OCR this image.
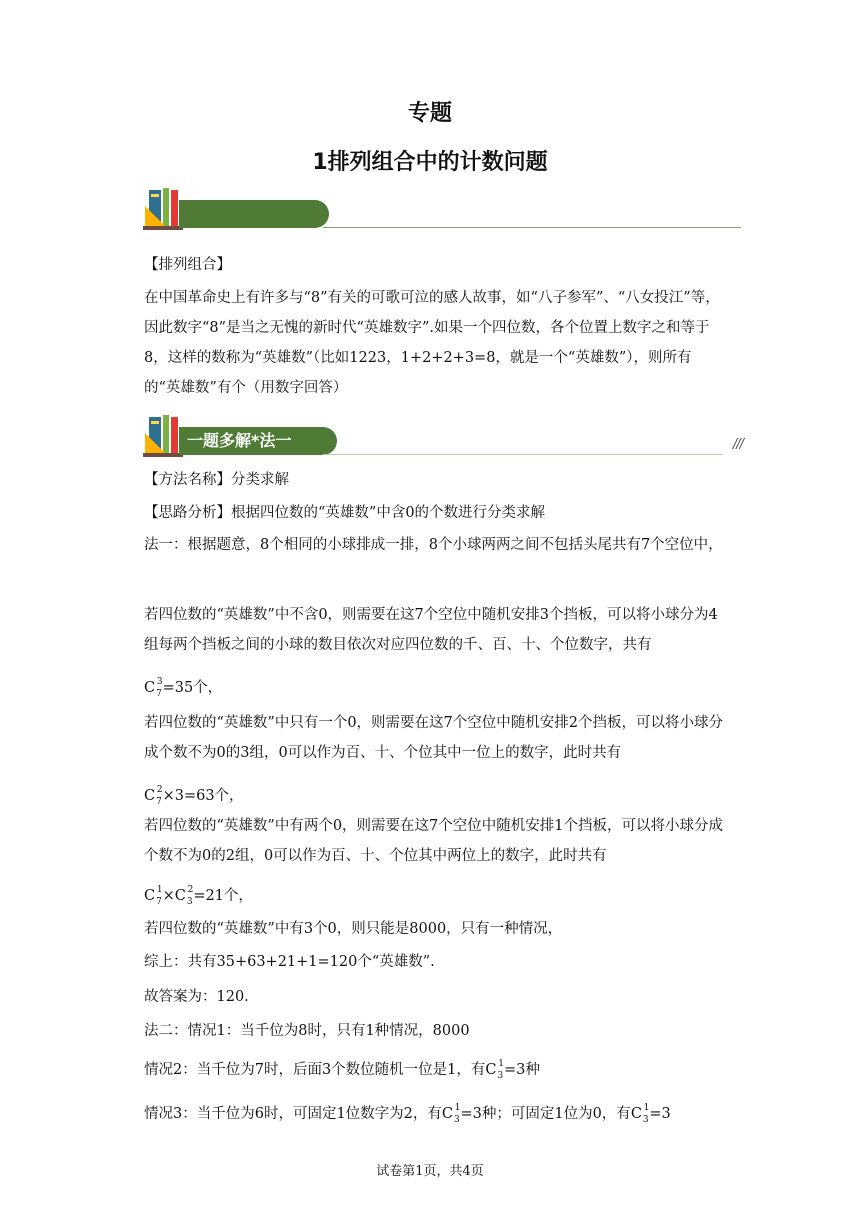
专题
1排列组合中的计数问题
【排列组合】
在中国革命史上有许多与“8”有关的可歌可泣的感人故事，如“八子参军”、“八女投江”等，因此数字“8”是当之无愧的新时代“英雄数字”.如果一个四位数，各个位置上数字之和等于8，这样的数称为“英雄数”（比如1223，1+2+2+3=8，就是一个“英雄数”），则所有的“英雄数”有个（用数字回答）
一题多解*法一	///
【方法名称】分类求解
【思路分析】根据四位数的“英雄数”中含0的个数进行分类求解
法一：根据题意，8个相同的小球排成一排，8个小球两两之间不包括头尾共有7个空位中，
若四位数的“英雄数”中不含0，则需要在这7个空位中随机安排3个挡板，可以将小球分为4组每两个挡板之间的小球的数目依次对应四位数的千、百、十、个位数字，共有
$C_7^3=35$个，
若四位数的“英雄数”中只有一个0，则需要在这7个空位中随机安排2个挡板，可以将小球分成个数不为0的3组，0可以作为百、十、个位其中一位上的数字，此时共有
$C_7^2\times 3=63$个，
若四位数的“英雄数”中有两个0，则需要在这7个空位中随机安排1个挡板，可以将小球分成个数不为0的2组，0可以作为百、十、个位其中两位上的数字，此时共有
$C_7^1\times C_3^2=21$个，
若四位数的“英雄数”中有3个0，则只能是8000，只有一种情况，
综上：共有35+63+21+1=120个“英雄数”.
故答案为：120.
法二：情况1：当千位为8时，只有1种情况，8000
情况2：当千位为7时，后面3个数位随机一位是1，有$C_3^1=3$种
情况3：当千位为6时，可固定1位数字为2，有$C_3^1=3$种；可固定1位为0，有$C_3^1=3$
试卷第1页，共4页
